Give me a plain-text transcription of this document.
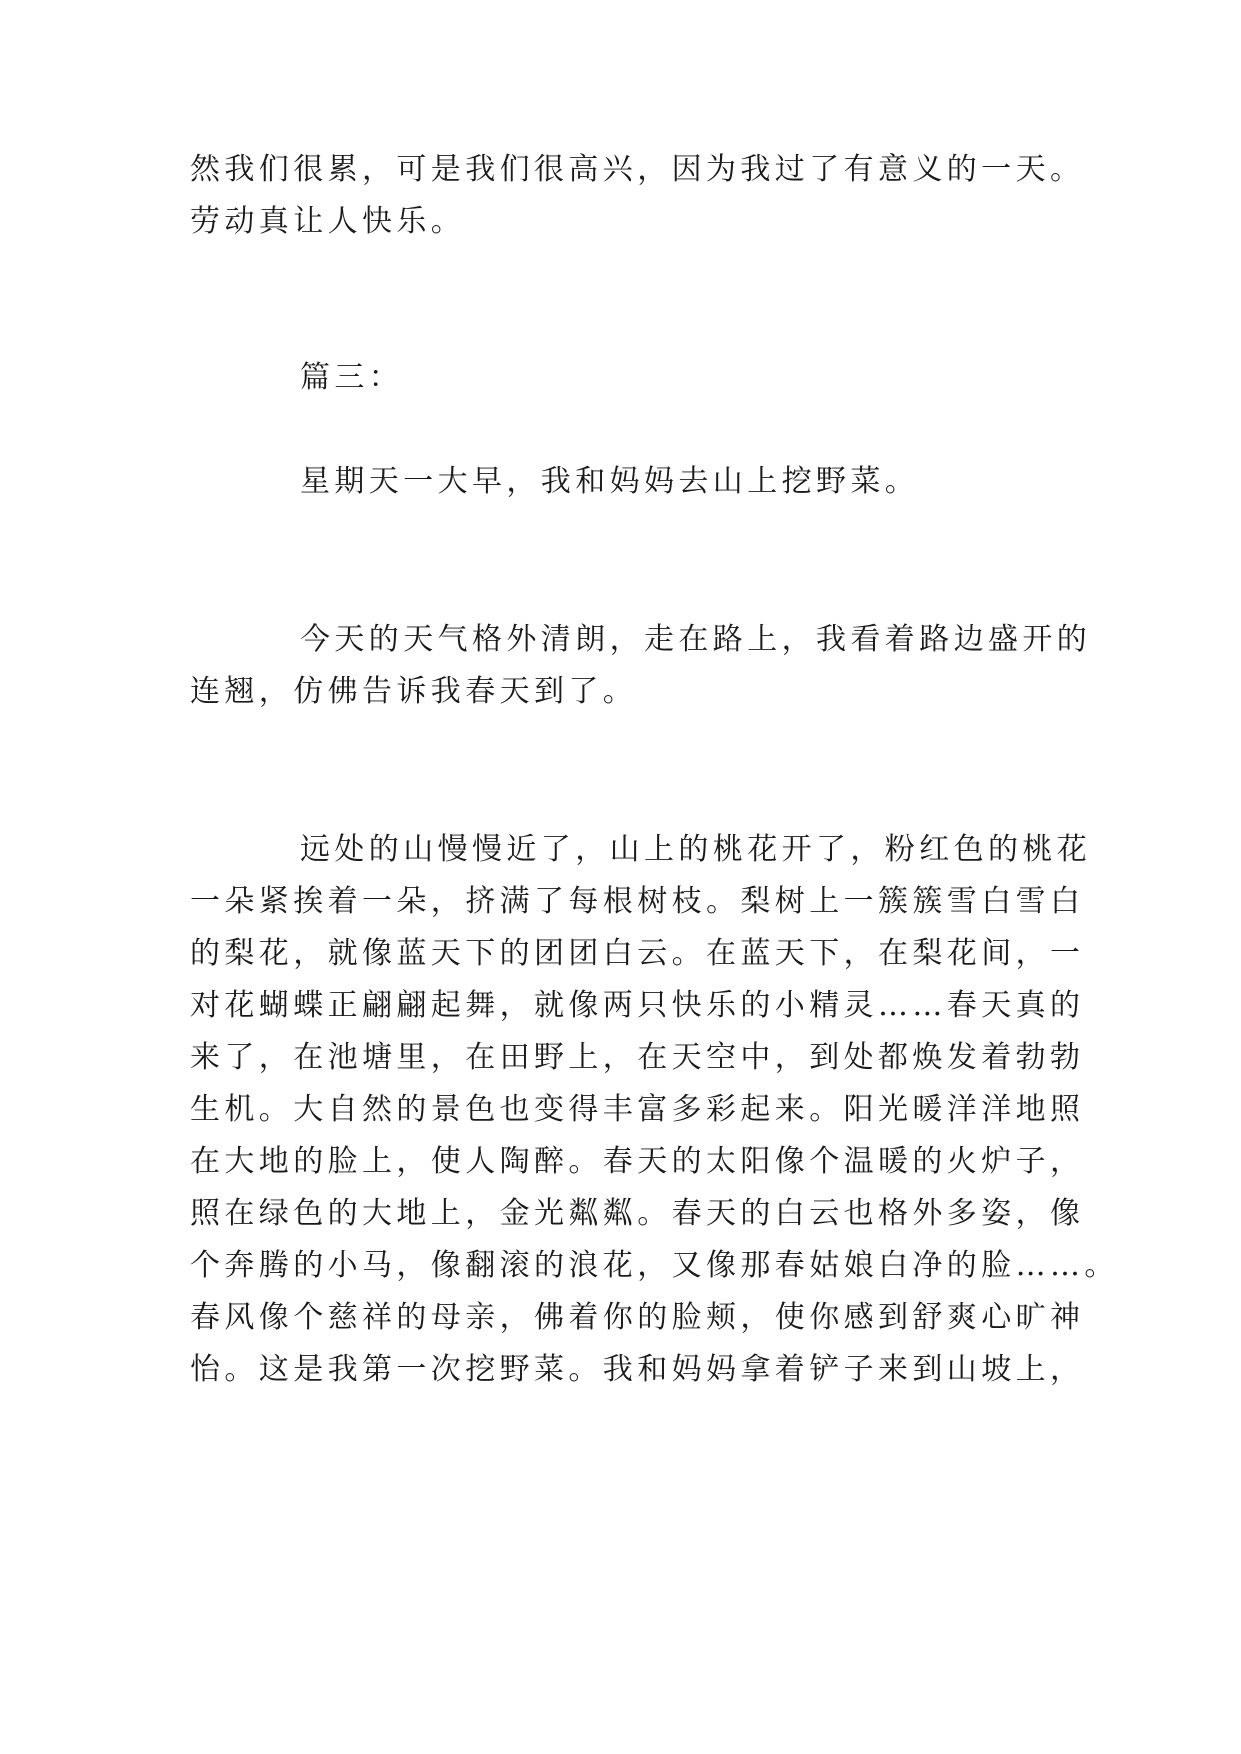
然我们很累，可是我们很高兴，因为我过了有意义的一天。

劳动真让人快乐。

篇三：

星期天一大早，我和妈妈去山上挖野菜。

今天的天气格外清朗，走在路上，我看着路边盛开的

连翘，仿佛告诉我春天到了。

远处的山慢慢近了，山上的桃花开了，粉红色的桃花

一朵紧挨着一朵，挤满了每根树枝。梨树上一簇簇雪白雪白

的梨花，就像蓝天下的团团白云。在蓝天下，在梨花间，一

对花蝴蝶正翩翩起舞，就像两只快乐的小精灵……春天真的

来了，在池塘里，在田野上，在天空中，到处都焕发着勃勃

生机。大自然的景色也变得丰富多彩起来。阳光暖洋洋地照

在大地的脸上，使人陶醉。春天的太阳像个温暖的火炉子，

照在绿色的大地上，金光粼粼。春天的白云也格外多姿，像

个奔腾的小马，像翻滚的浪花，又像那春姑娘白净的脸……。

春风像个慈祥的母亲，佛着你的脸颊，使你感到舒爽心旷神

怡。这是我第一次挖野菜。我和妈妈拿着铲子来到山坡上，
